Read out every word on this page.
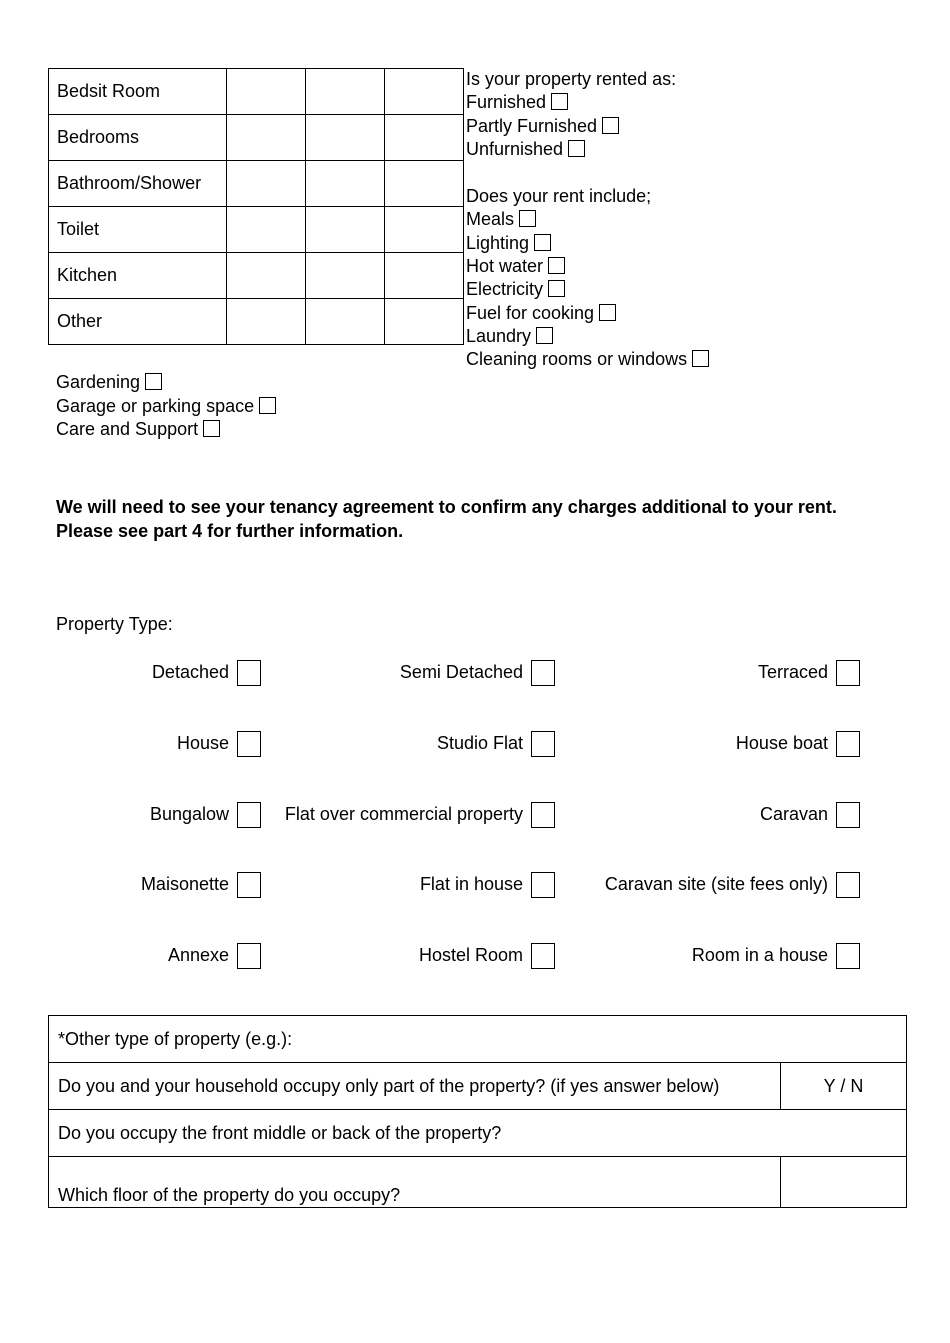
Bedsit Room			
Bedrooms			
Bathroom/Shower			
Toilet			
Kitchen			
Other			
Is your property rented as:
Furnished
Partly Furnished
Unfurnished
Does your rent include;
Meals
Lighting
Hot water
Electricity
Fuel for cooking
Laundry
Cleaning rooms or windows
Gardening
Garage or parking space
Care and Support
We will need to see your tenancy agreement to confirm any charges additional to your rent.
Please see part 4 for further information.
Property Type:
Detached	Semi Detached	Terraced
House	Studio Flat	House boat
Bungalow	Flat over commercial property	Caravan
Maisonette	Flat in house	Caravan site (site fees only)
Annexe	Hostel Room	Room in a house
*Other type of property (e.g.):	
Do you and your household occupy only part of the property? (if yes answer below)	Y / N
Do you occupy the front middle or back of the property?	
Which floor of the property do you occupy?	
